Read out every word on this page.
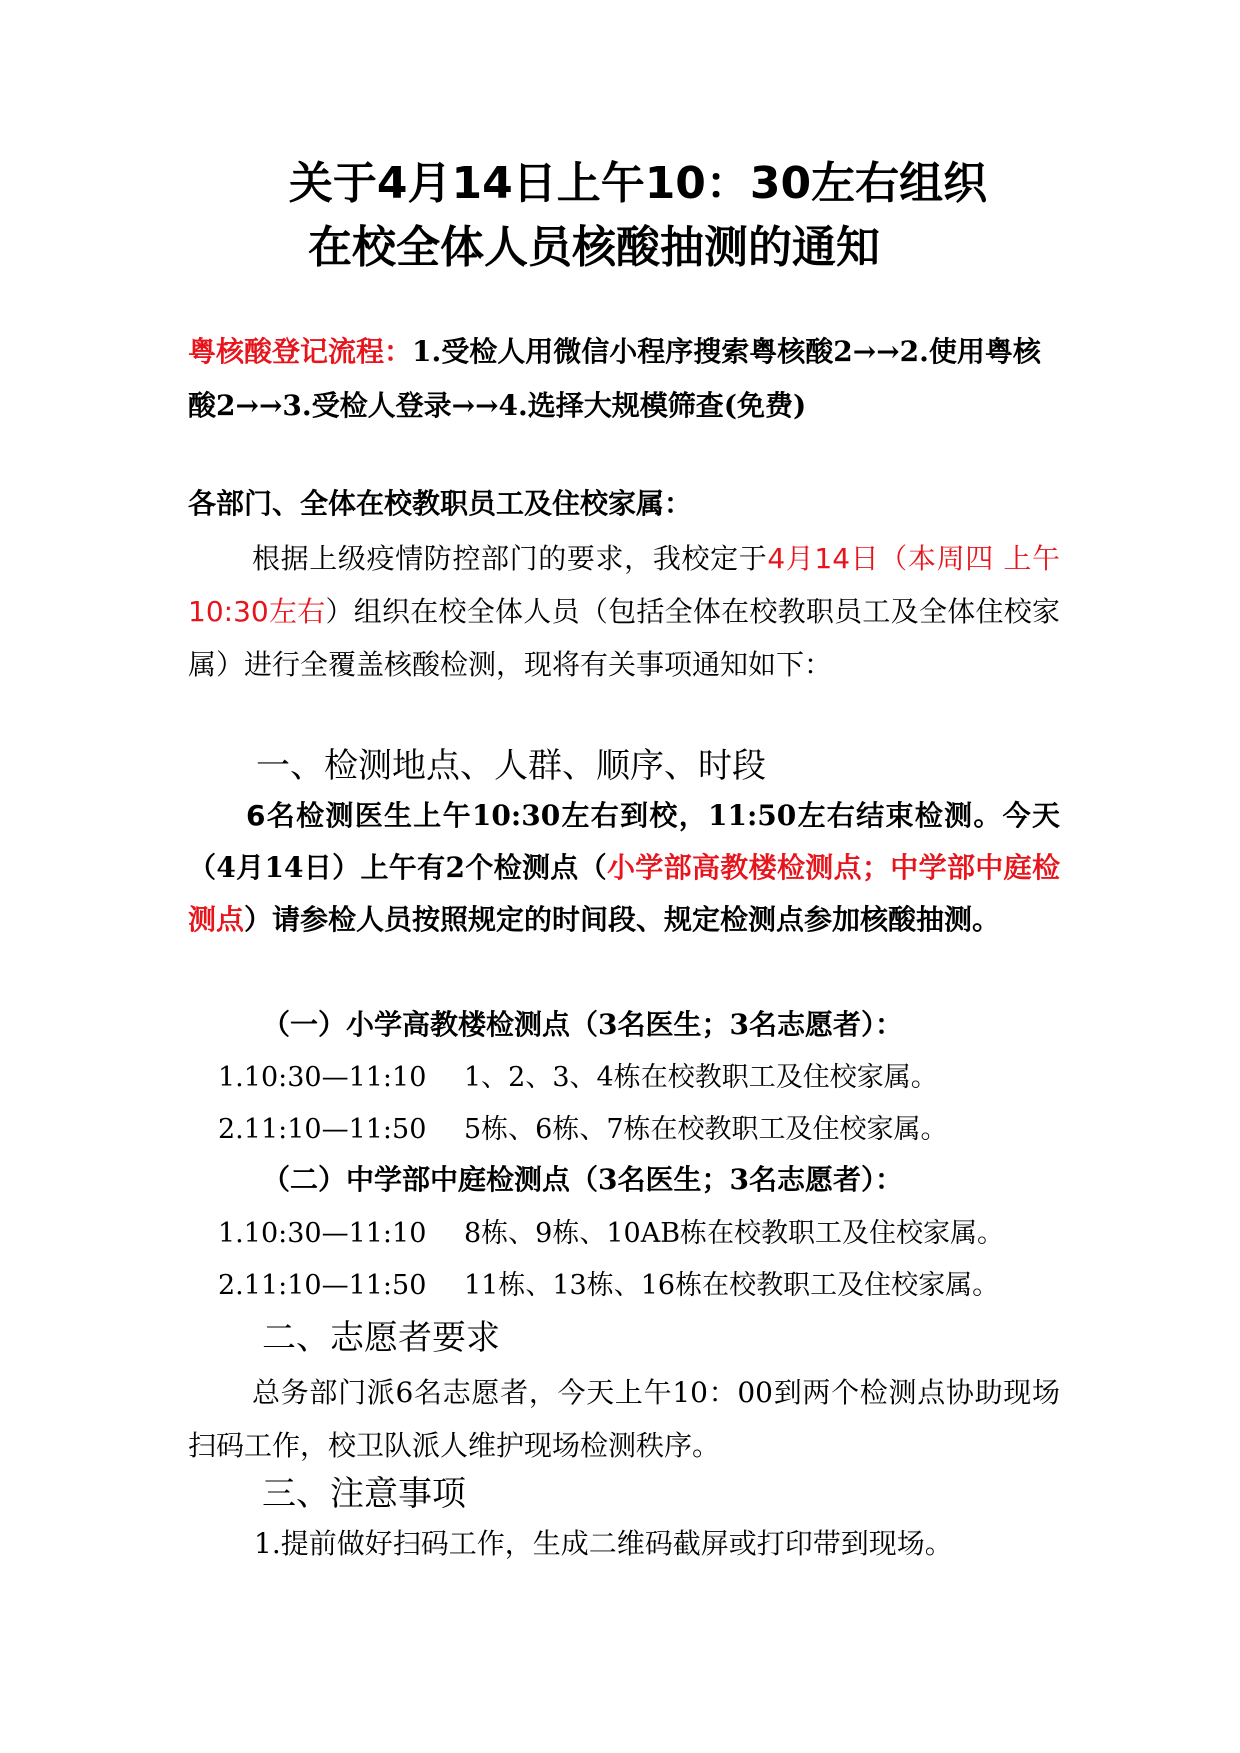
关于4月14日上午10：30左右组织
在校全体人员核酸抽测的通知
粤核酸登记流程：1.受检人用微信小程序搜索粤核酸2→→2.使用粤核酸2→→3.受检人登录→→4.选择大规模筛查(免费)
各部门、全体在校教职员工及住校家属：
根据上级疫情防控部门的要求，我校定于4月14日（本周四 上午10:30左右）组织在校全体人员（包括全体在校教职员工及全体住校家属）进行全覆盖核酸检测，现将有关事项通知如下：
一、检测地点、人群、顺序、时段
6名检测医生上午10:30左右到校，11:50左右结束检测。今天（4月14日）上午有2个检测点（小学部高教楼检测点；中学部中庭检测点）请参检人员按照规定的时间段、规定检测点参加核酸抽测。
（一）小学高教楼检测点（3名医生；3名志愿者）：
1.10:30—11:10 1、2、3、4栋在校教职工及住校家属。
2.11:10—11:50 5栋、6栋、7栋在校教职工及住校家属。
（二）中学部中庭检测点（3名医生；3名志愿者）：
1.10:30—11:10 8栋、9栋、10AB栋在校教职工及住校家属。
2.11:10—11:50 11栋、13栋、16栋在校教职工及住校家属。
二、志愿者要求
总务部门派6名志愿者，今天上午10：00到两个检测点协助现场扫码工作，校卫队派人维护现场检测秩序。
三、注意事项
1.提前做好扫码工作，生成二维码截屏或打印带到现场。
